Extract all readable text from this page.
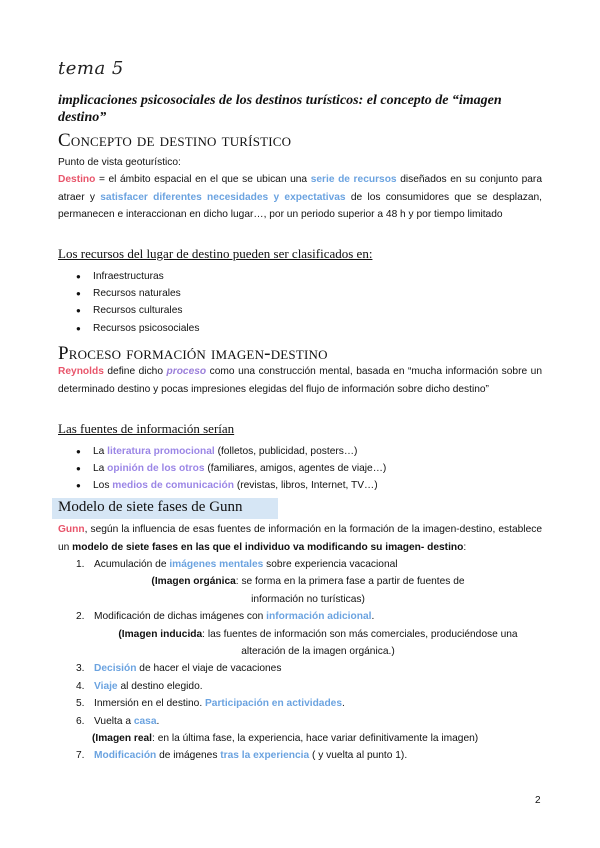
tema 5
implicaciones psicosociales de los destinos turísticos: el concepto de “imagen destino”
Concepto de destino turístico
Punto de vista geoturístico:
Destino = el ámbito espacial en el que se ubican una serie de recursos diseñados en su conjunto para atraer y satisfacer diferentes necesidades y expectativas de los consumidores que se desplazan, permanecen e interaccionan en dicho lugar…, por un periodo superior a 48 h y por tiempo limitado
Los recursos del lugar de destino pueden ser clasificados en:
● Infraestructuras
● Recursos naturales
● Recursos culturales
● Recursos psicosociales
Proceso formación imagen-destino
Reynolds define dicho proceso como una construcción mental, basada en “mucha información sobre un determinado destino y pocas impresiones elegidas del flujo de información sobre dicho destino”
Las fuentes de información serían
● La literatura promocional (folletos, publicidad, posters…)
● La opinión de los otros (familiares, amigos, agentes de viaje…)
● Los medios de comunicación (revistas, libros, Internet, TV…)
Modelo de siete fases de Gunn
Gunn, según la influencia de esas fuentes de información en la formación de la imagen-destino, establece un modelo de siete fases en las que el individuo va modificando su imagen- destino:
1. Acumulación de imágenes mentales sobre experiencia vacacional
(Imagen orgánica: se forma en la primera fase a partir de fuentes de información no turísticas)
2. Modificación de dichas imágenes con información adicional.
(Imagen inducida: las fuentes de información son más comerciales, produciéndose una alteración de la imagen orgánica.)
3. Decisión de hacer el viaje de vacaciones
4. Viaje al destino elegido.
5. Inmersión en el destino. Participación en actividades.
6. Vuelta a casa.
(Imagen real: en la última fase, la experiencia, hace variar definitivamente la imagen)
7. Modificación de imágenes tras la experiencia ( y vuelta al punto 1).
2
